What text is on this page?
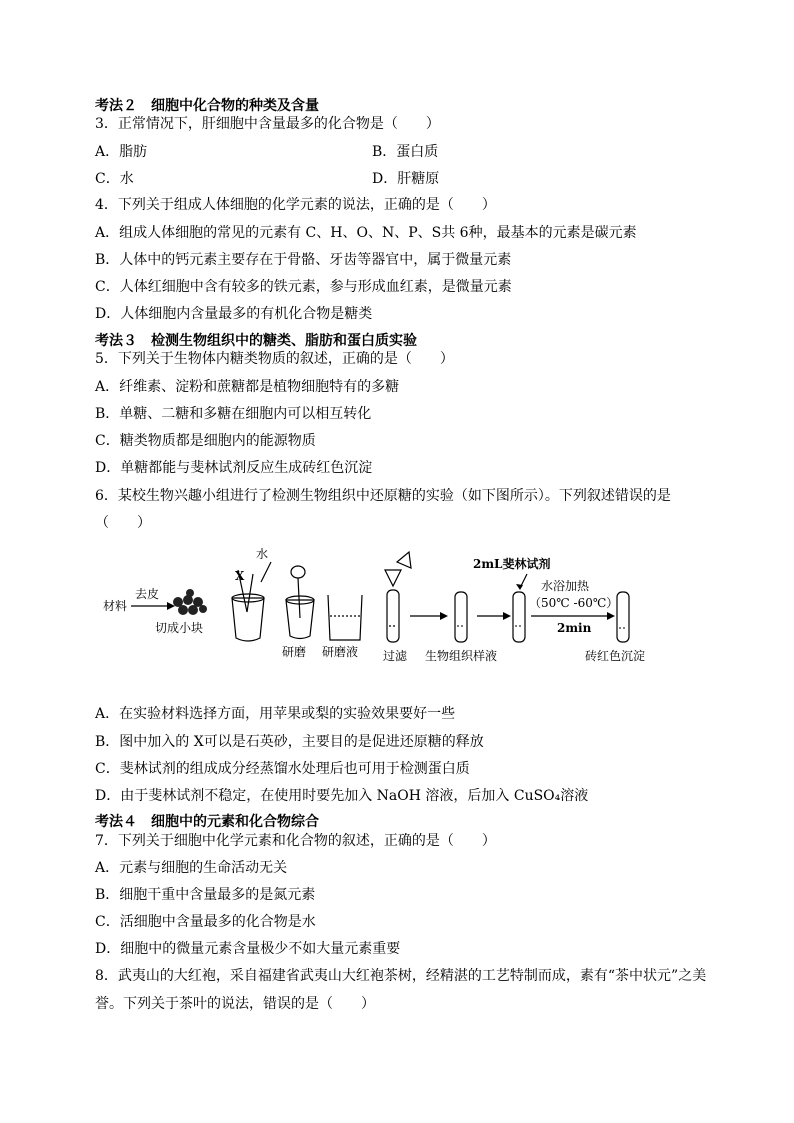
考法２　细胞中化合物的种类及含量
3．正常情况下，肝细胞中含量最多的化合物是（　　）
A．脂肪	B．蛋白质
C．水	D．肝糖原
4．下列关于组成人体细胞的化学元素的说法，正确的是（　　）
A．组成人体细胞的常见的元素有 C、H、O、N、P、S共 6种，最基本的元素是碳元素
B．人体中的钙元素主要存在于骨骼、牙齿等器官中，属于微量元素
C．人体红细胞中含有较多的铁元素，参与形成血红素，是微量元素
D．人体细胞内含量最多的有机化合物是糖类
考法３　检测生物组织中的糖类、脂肪和蛋白质实验
5．下列关于生物体内糖类物质的叙述，正确的是（　　）
A．纤维素、淀粉和蔗糖都是植物细胞特有的多糖
B．单糖、二糖和多糖在细胞内可以相互转化
C．糖类物质都是细胞内的能源物质
D．单糖都能与斐林试剂反应生成砖红色沉淀
6．某校生物兴趣小组进行了检测生物组织中还原糖的实验（如下图所示）。下列叙述错误的是
（　　）
材料
去皮
切成小块
X
水
研磨 研磨液 过滤 生物组织样液
2mL斐林试剂
水浴加热
（50℃ -60℃）
2min
砖红色沉淀
A．在实验材料选择方面，用苹果或梨的实验效果要好一些
B．图中加入的 X可以是石英砂，主要目的是促进还原糖的释放
C．斐林试剂的组成成分经蒸馏水处理后也可用于检测蛋白质
D．由于斐林试剂不稳定，在使用时要先加入 NaOH 溶液，后加入 CuSO₄溶液
考法４　细胞中的元素和化合物综合
7．下列关于细胞中化学元素和化合物的叙述，正确的是（　　）
A．元素与细胞的生命活动无关
B．细胞干重中含量最多的是氮元素
C．活细胞中含量最多的化合物是水
D．细胞中的微量元素含量极少不如大量元素重要
8．武夷山的大红袍，采自福建省武夷山大红袍茶树，经精湛的工艺特制而成，素有“茶中状元”之美
誉。下列关于茶叶的说法，错误的是（　　）
